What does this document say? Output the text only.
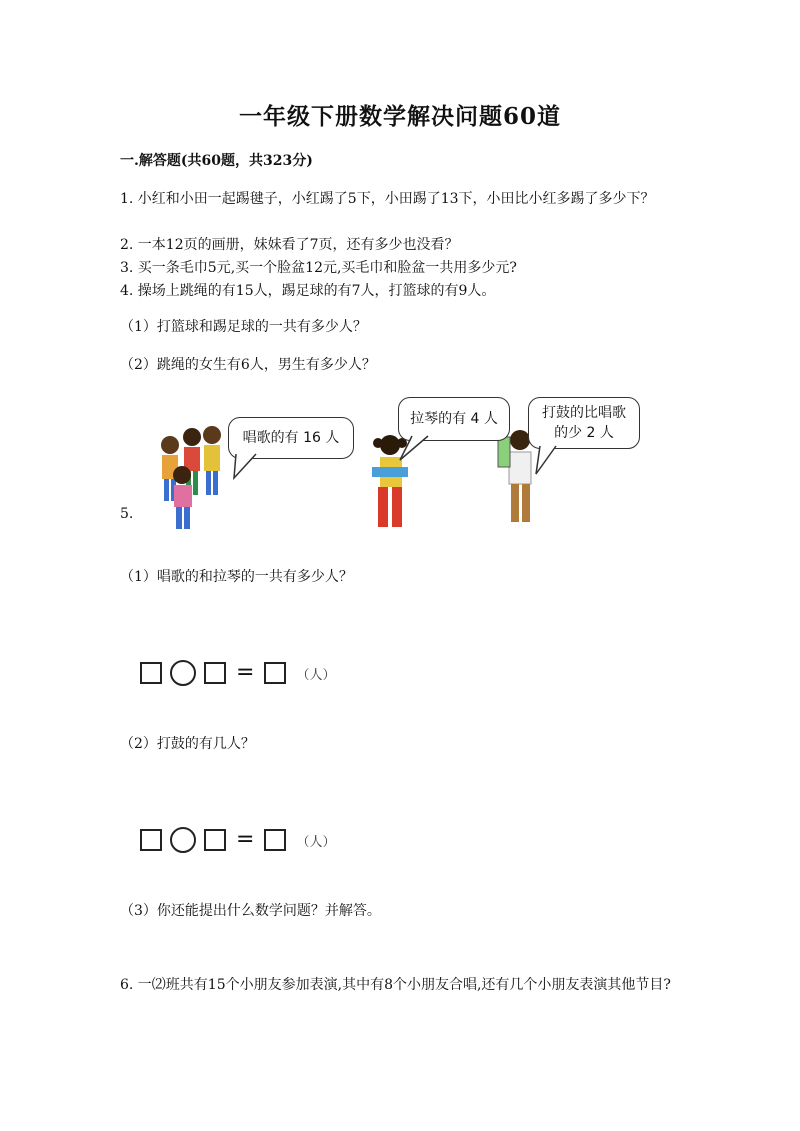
一年级下册数学解决问题60道
一.解答题(共60题，共323分)
1. 小红和小田一起踢毽子，小红踢了5下，小田踢了13下，小田比小红多踢了多少下？
2. 一本12页的画册，妹妹看了7页，还有多少也没看？
3. 买一条毛巾5元,买一个脸盆12元,买毛巾和脸盆一共用多少元?
4. 操场上跳绳的有15人，踢足球的有7人，打篮球的有9人。
（1）打篮球和踢足球的一共有多少人？
（2）跳绳的女生有6人，男生有多少人？
5.
唱歌的有 16 人
拉琴的有 4 人	打鼓的比唱歌的少 2 人
（1）唱歌的和拉琴的一共有多少人？
=	（人）
（2）打鼓的有几人？
=	（人）
（3）你还能提出什么数学问题？并解答。
6. 一⑵班共有15个小朋友参加表演,其中有8个小朋友合唱,还有几个小朋友表演其他节目?
